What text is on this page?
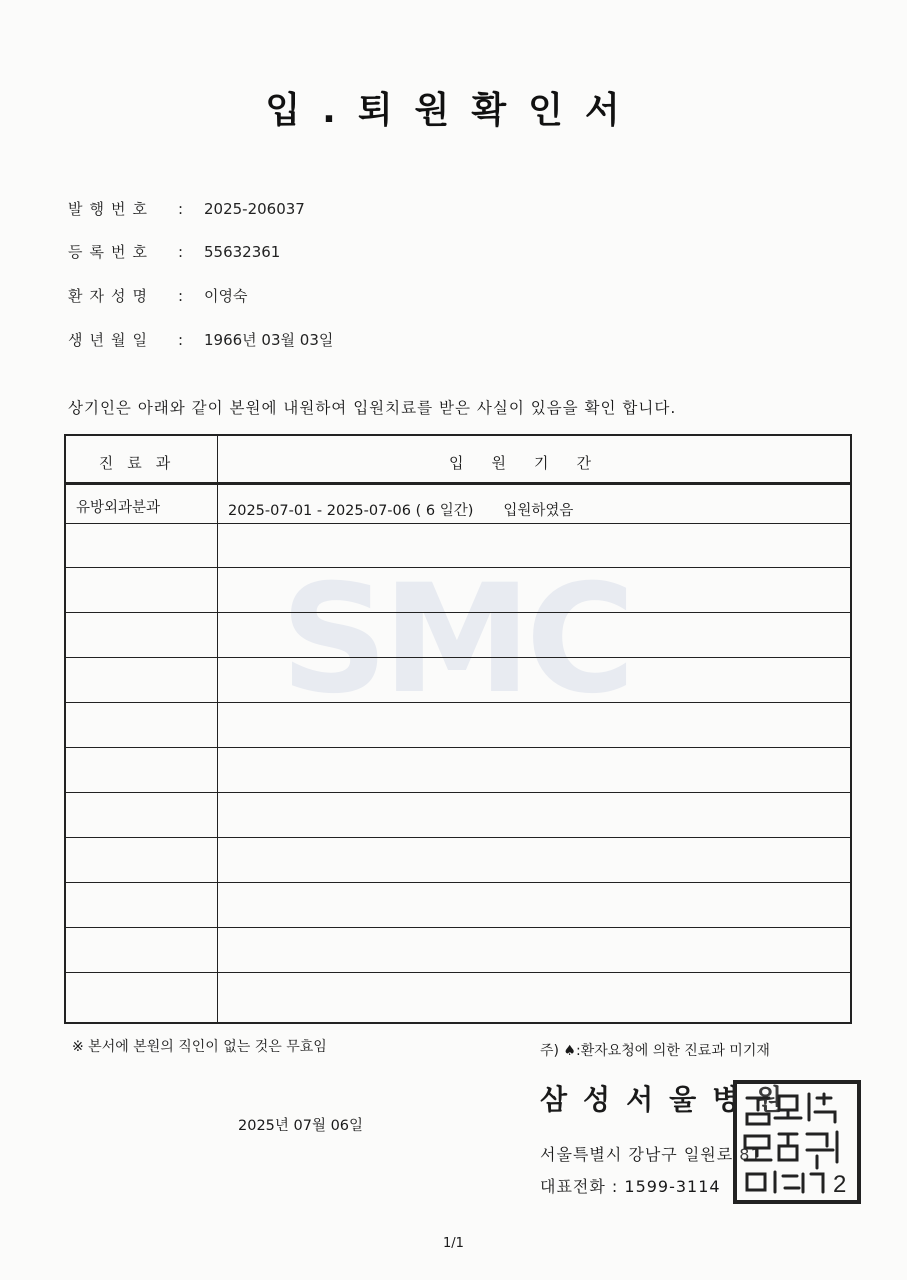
입.퇴원확인서
발행번호 : 2025-206037
등록번호 : 55632361
환자성명 : 이영숙
생년월일 : 1966년 03월 03일
상기인은 아래와 같이 본원에 내원하여 입원치료를 받은 사실이 있음을 확인 합니다.
SMC
진료과	입원기간
유방외과분과	2025-07-01 - 2025-07-06 ( 6 일간) 입원하였음
※ 본서에 본원의 직인이 없는 것은 무효임	주) ♠:환자요청에 의한 진료과 미기재
삼성서울병원
2025년 07월 06일
서울특별시 강남구 일원로 81
대표전화 : 1599-3114	2
1/1
